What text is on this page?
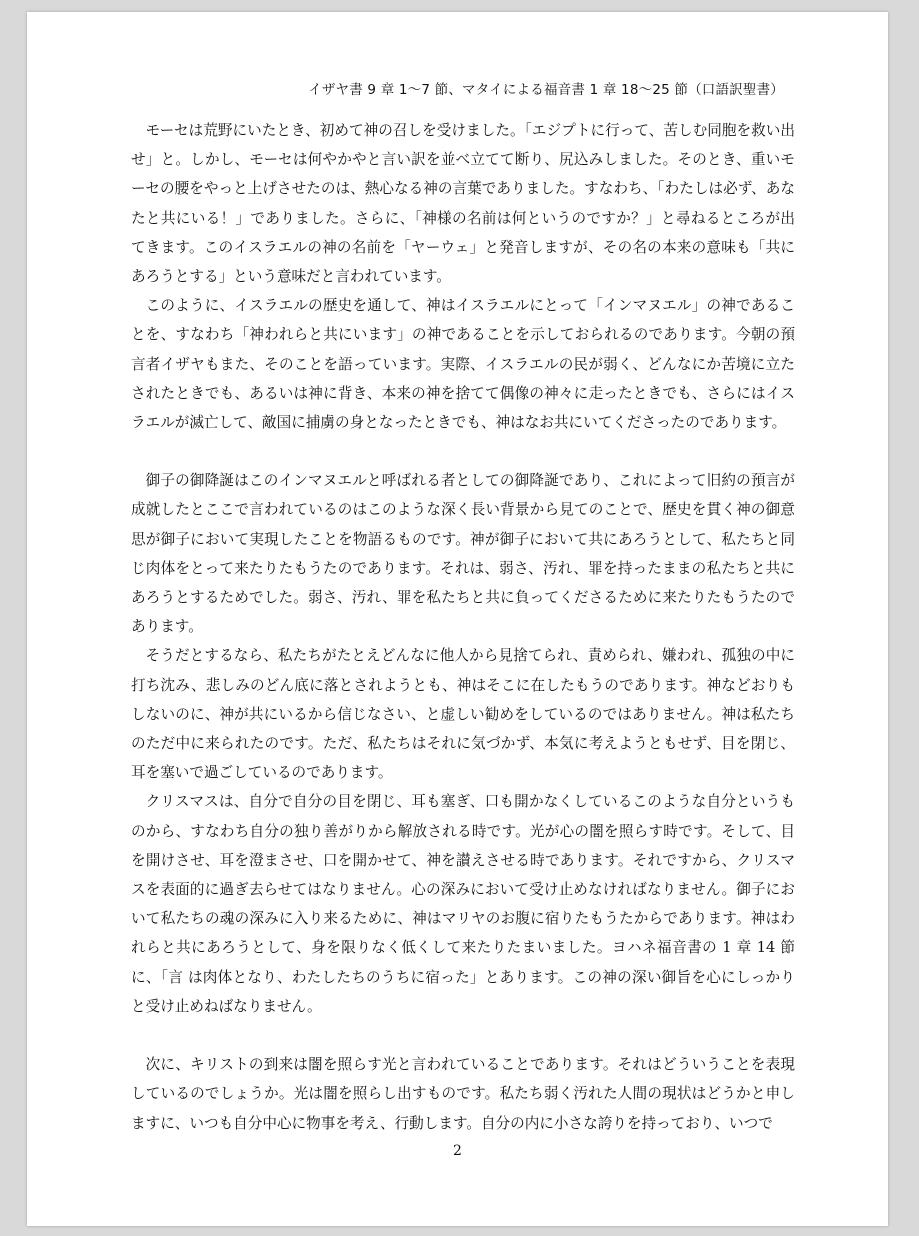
イザヤ書 9 章 1〜7 節、マタイによる福音書 1 章 18〜25 節（口語訳聖書）

モーセは荒野にいたとき、初めて神の召しを受けました。「エジプトに行って、苦しむ同胞を救い出せ」と。しかし、モーセは何やかやと言い訳を並べ立てて断り、尻込みしました。そのとき、重いモーセの腰をやっと上げさせたのは、熱心なる神の言葉でありました。すなわち、「わたしは必ず、あなたと共にいる！」でありました。さらに、「神様の名前は何というのですか？」と尋ねるところが出てきます。このイスラエルの神の名前を「ヤーウェ」と発音しますが、その名の本来の意味も「共にあろうとする」という意味だと言われています。

このように、イスラエルの歴史を通して、神はイスラエルにとって「インマヌエル」の神であることを、すなわち「神われらと共にいます」の神であることを示しておられるのであります。今朝の預言者イザヤもまた、そのことを語っています。実際、イスラエルの民が弱く、どんなにか苦境に立たされたときでも、あるいは神に背き、本来の神を捨てて偶像の神々に走ったときでも、さらにはイスラエルが滅亡して、敵国に捕虜の身となったときでも、神はなお共にいてくださったのであります。

御子の御降誕はこのインマヌエルと呼ばれる者としての御降誕であり、これによって旧約の預言が成就したとここで言われているのはこのような深く長い背景から見てのことで、歴史を貫く神の御意思が御子において実現したことを物語るものです。神が御子において共にあろうとして、私たちと同じ肉体をとって来たりたもうたのであります。それは、弱さ、汚れ、罪を持ったままの私たちと共にあろうとするためでした。弱さ、汚れ、罪を私たちと共に負ってくださるために来たりたもうたのであります。

そうだとするなら、私たちがたとえどんなに他人から見捨てられ、責められ、嫌われ、孤独の中に打ち沈み、悲しみのどん底に落とされようとも、神はそこに在したもうのであります。神などおりもしないのに、神が共にいるから信じなさい、と虚しい勧めをしているのではありません。神は私たちのただ中に来られたのです。ただ、私たちはそれに気づかず、本気に考えようともせず、目を閉じ、耳を塞いで過ごしているのであります。

クリスマスは、自分で自分の目を閉じ、耳も塞ぎ、口も開かなくしているこのような自分というものから、すなわち自分の独り善がりから解放される時です。光が心の闇を照らす時です。そして、目を開けさせ、耳を澄まさせ、口を開かせて、神を讃えさせる時であります。それですから、クリスマスを表面的に過ぎ去らせてはなりません。心の深みにおいて受け止めなければなりません。御子において私たちの魂の深みに入り来るために、神はマリヤのお腹に宿りたもうたからであります。神はわれらと共にあろうとして、身を限りなく低くして来たりたまいました。ヨハネ福音書の 1 章 14 節に、「言 は肉体となり、わたしたちのうちに宿った」とあります。この神の深い御旨を心にしっかりと受け止めねばなりません。

次に、キリストの到来は闇を照らす光と言われていることであります。それはどういうことを表現しているのでしょうか。光は闇を照らし出すものです。私たち弱く汚れた人間の現状はどうかと申しますに、いつも自分中心に物事を考え、行動します。自分の内に小さな誇りを持っており、いつで

2
